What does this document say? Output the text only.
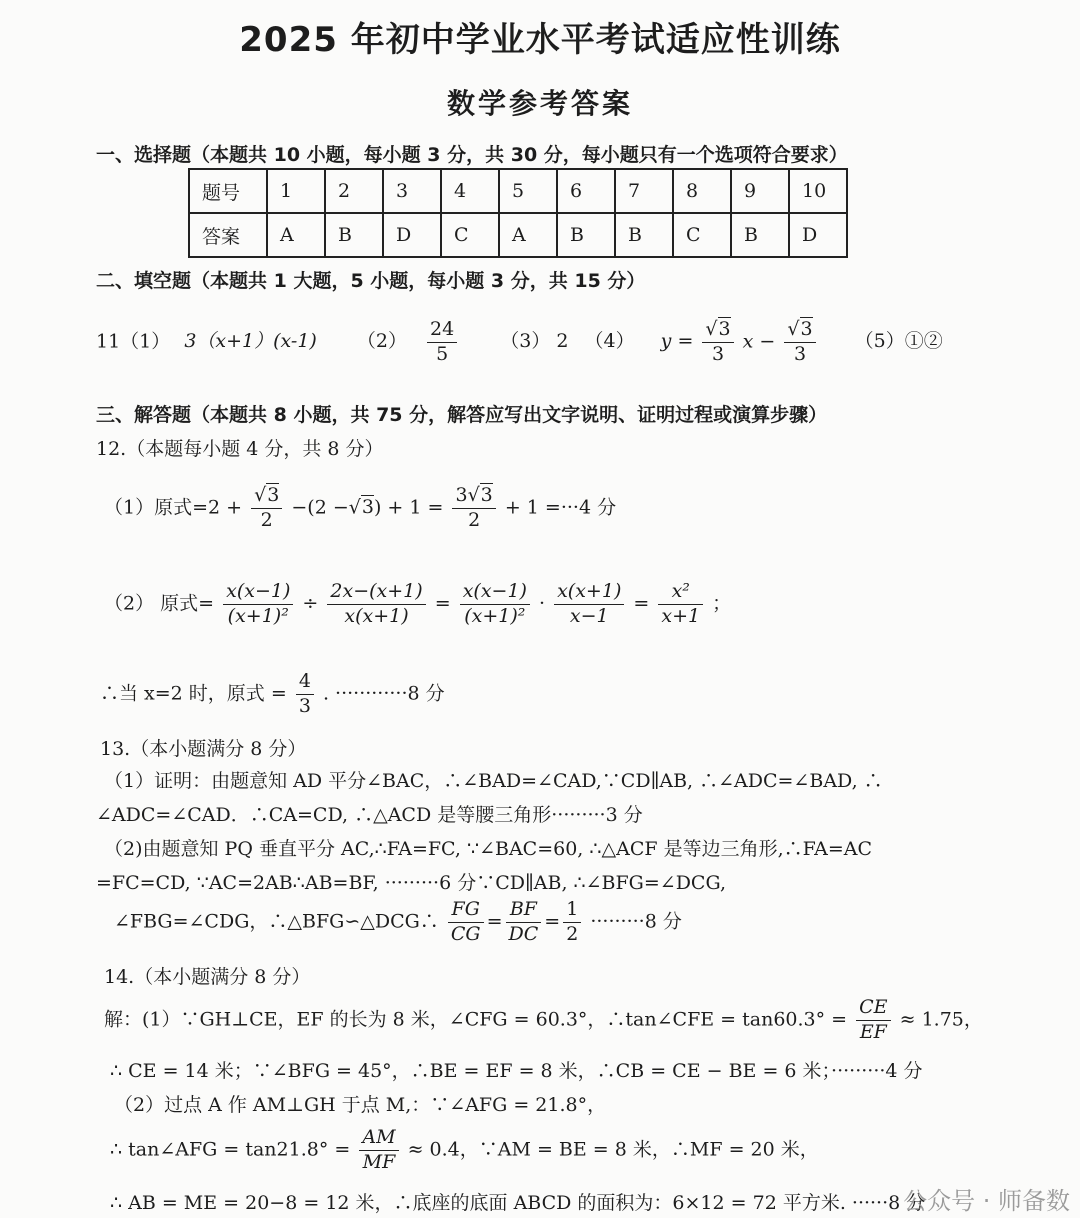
2025 年初中学业水平考试适应性训练
数学参考答案
一、选择题（本题共 10 小题，每小题 3 分，共 30 分，每小题只有一个选项符合要求）
题号	1	2	3	4	5	6	7	8	9	10
答案	A	B	D	C	A	B	B	C	B	D
二、填空题（本题共 1 大题，5 小题，每小题 3 分，共 15 分）
11（1） 3（x+1）(x-1) $(2) \frac{24}{5} (3)$ 2 （4） $y = \frac{√3}{3}$ $x - \frac{√3}{3}$ （5）①②
三、解答题（本题共 8 小题，共 75 分，解答应写出文字说明、证明过程或演算步骤）
12.（本题每小题 4 分，共 8 分）
（1）原式$=2 + \frac{√3}{2} -(2 -√3) + 1 = \frac{3√3}{2} + 1 =\cdot\cdot\cdot 4$ 分
（2） 原式= $\frac{x(x-1)}{\text{(x+1)²}} \div \frac{2x-(x+1)}{x(x+1)} = \frac{x(x-1)}{\text{(x+1)²}} \cdot \frac{x(x+1)}{x-1} = \frac{\text{x²}}{x+1}$ ；
∴当 x=2 时，原式 = $\frac{4}{3}$ . ············8 分
13.（本小题满分 8 分）
（1）证明：由题意知 AD 平分∠BAC，∴∠BAD=∠CAD,∵CD∥AB, ∴∠ADC=∠BAD, ∴
∠ADC=∠CAD．∴CA=CD, ∴△ACD 是等腰三角形·········3 分
（2)由题意知 PQ 垂直平分 AC,∴FA=FC, ∵∠BAC=60, ∴△ACF 是等边三角形,∴FA=AC
=FC=CD, ∵AC=2AB∴AB=BF, ·········6 分∵CD∥AB, ∴∠BFG=∠DCG,
∠FBG=∠CDG，∴△BFG∽△DCG∴ $\frac{FG}{CG} = \frac{BF}{DC} = \frac{1}{2} \cdot\cdot\cdot\cdot\cdot\cdot\cdot\cdot\cdot 8$ 分
14.（本小题满分 8 分）
解：(1）∵GH⊥CE，EF 的长为 8 米，∠CFG = 60.3°，∴tan∠CFE = $\tan 60.3^\circ = \frac{CE}{EF} \approx 1.75$，
∴ CE = 14 米；∵∠BFG = 45°，∴BE = EF = 8 米，∴CB = CE − BE = 6 米；·········4 分
（2）过点 A 作 AM⊥GH 于点 M,：∵∠AFG = 21.8°，
∴ tan∠AFG = $\tan 21.8^\circ = \frac{AM}{MF} \approx 0.4$，∵AM = BE = 8 米，∴MF = 20 米，
∴ AB = ME = 20−8 = 12 米，∴底座的底面 ABCD 的面积为：6×12 = 72 平方米. ······8 分
公众号 · 师备数
